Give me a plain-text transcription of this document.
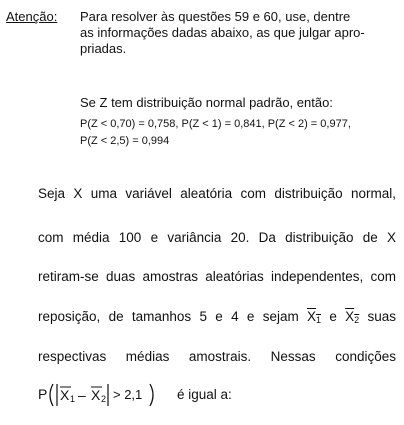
Atenção: Para resolver às questões 59 e 60, use, dentre
as informações dadas abaixo, as que julgar apro-
priadas.
Se Z tem distribuição normal padrão, então:
P(Z < 0,70) = 0,758, P(Z < 1) = 0,841, P(Z < 2) = 0,977,
P(Z < 2,5) = 0,994
Seja X uma variável aleatória com distribuição normal,
com média 100 e variância 20. Da distribuição de X
retiram-se duas amostras aleatórias independentes, com
reposição, de tamanhos 5 e 4 e sejam $X_1$ e $X_2$ suas
respectivas médias amostrais. Nessas condições
P X 1 – X 2 > 2,1	é igual a:
